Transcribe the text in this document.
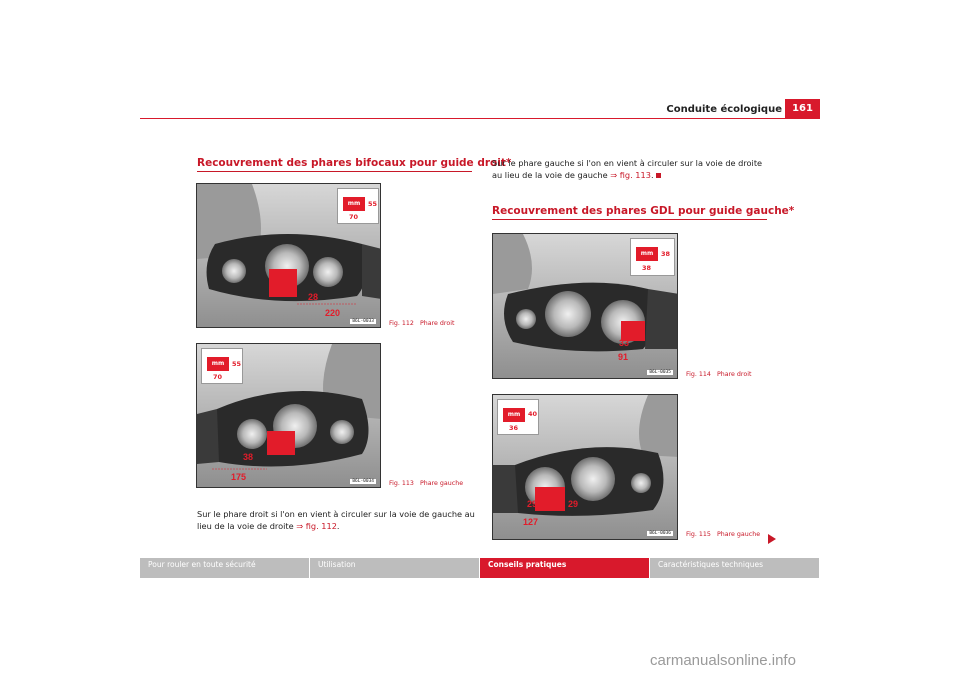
Conduite écologique	161
Recouvrement des phares bifocaux pour guide droit*
28
220
mm	55
70
B6L-0033	Fig. 112 Phare droit
38
175
mm	55
70
B6L-0034	Fig. 113 Phare gauche
Sur le phare droit si l'on en vient à circuler sur la voie de gauche au lieu de la voie de droite ⇒ fig. 112.
Sur le phare gauche si l'on en vient à circuler sur la voie de droite au lieu de la voie de gauche ⇒ fig. 113.
Recouvrement des phares GDL pour guide gauche*
33
91
mm	38
38
B6L-0035	Fig. 114 Phare droit
29	29
127
mm	40
36
B6L-0036	Fig. 115 Phare gauche
Pour rouler en toute sécurité	Utilisation	Conseils pratiques	Caractéristiques techniques
carmanualsonline.info
